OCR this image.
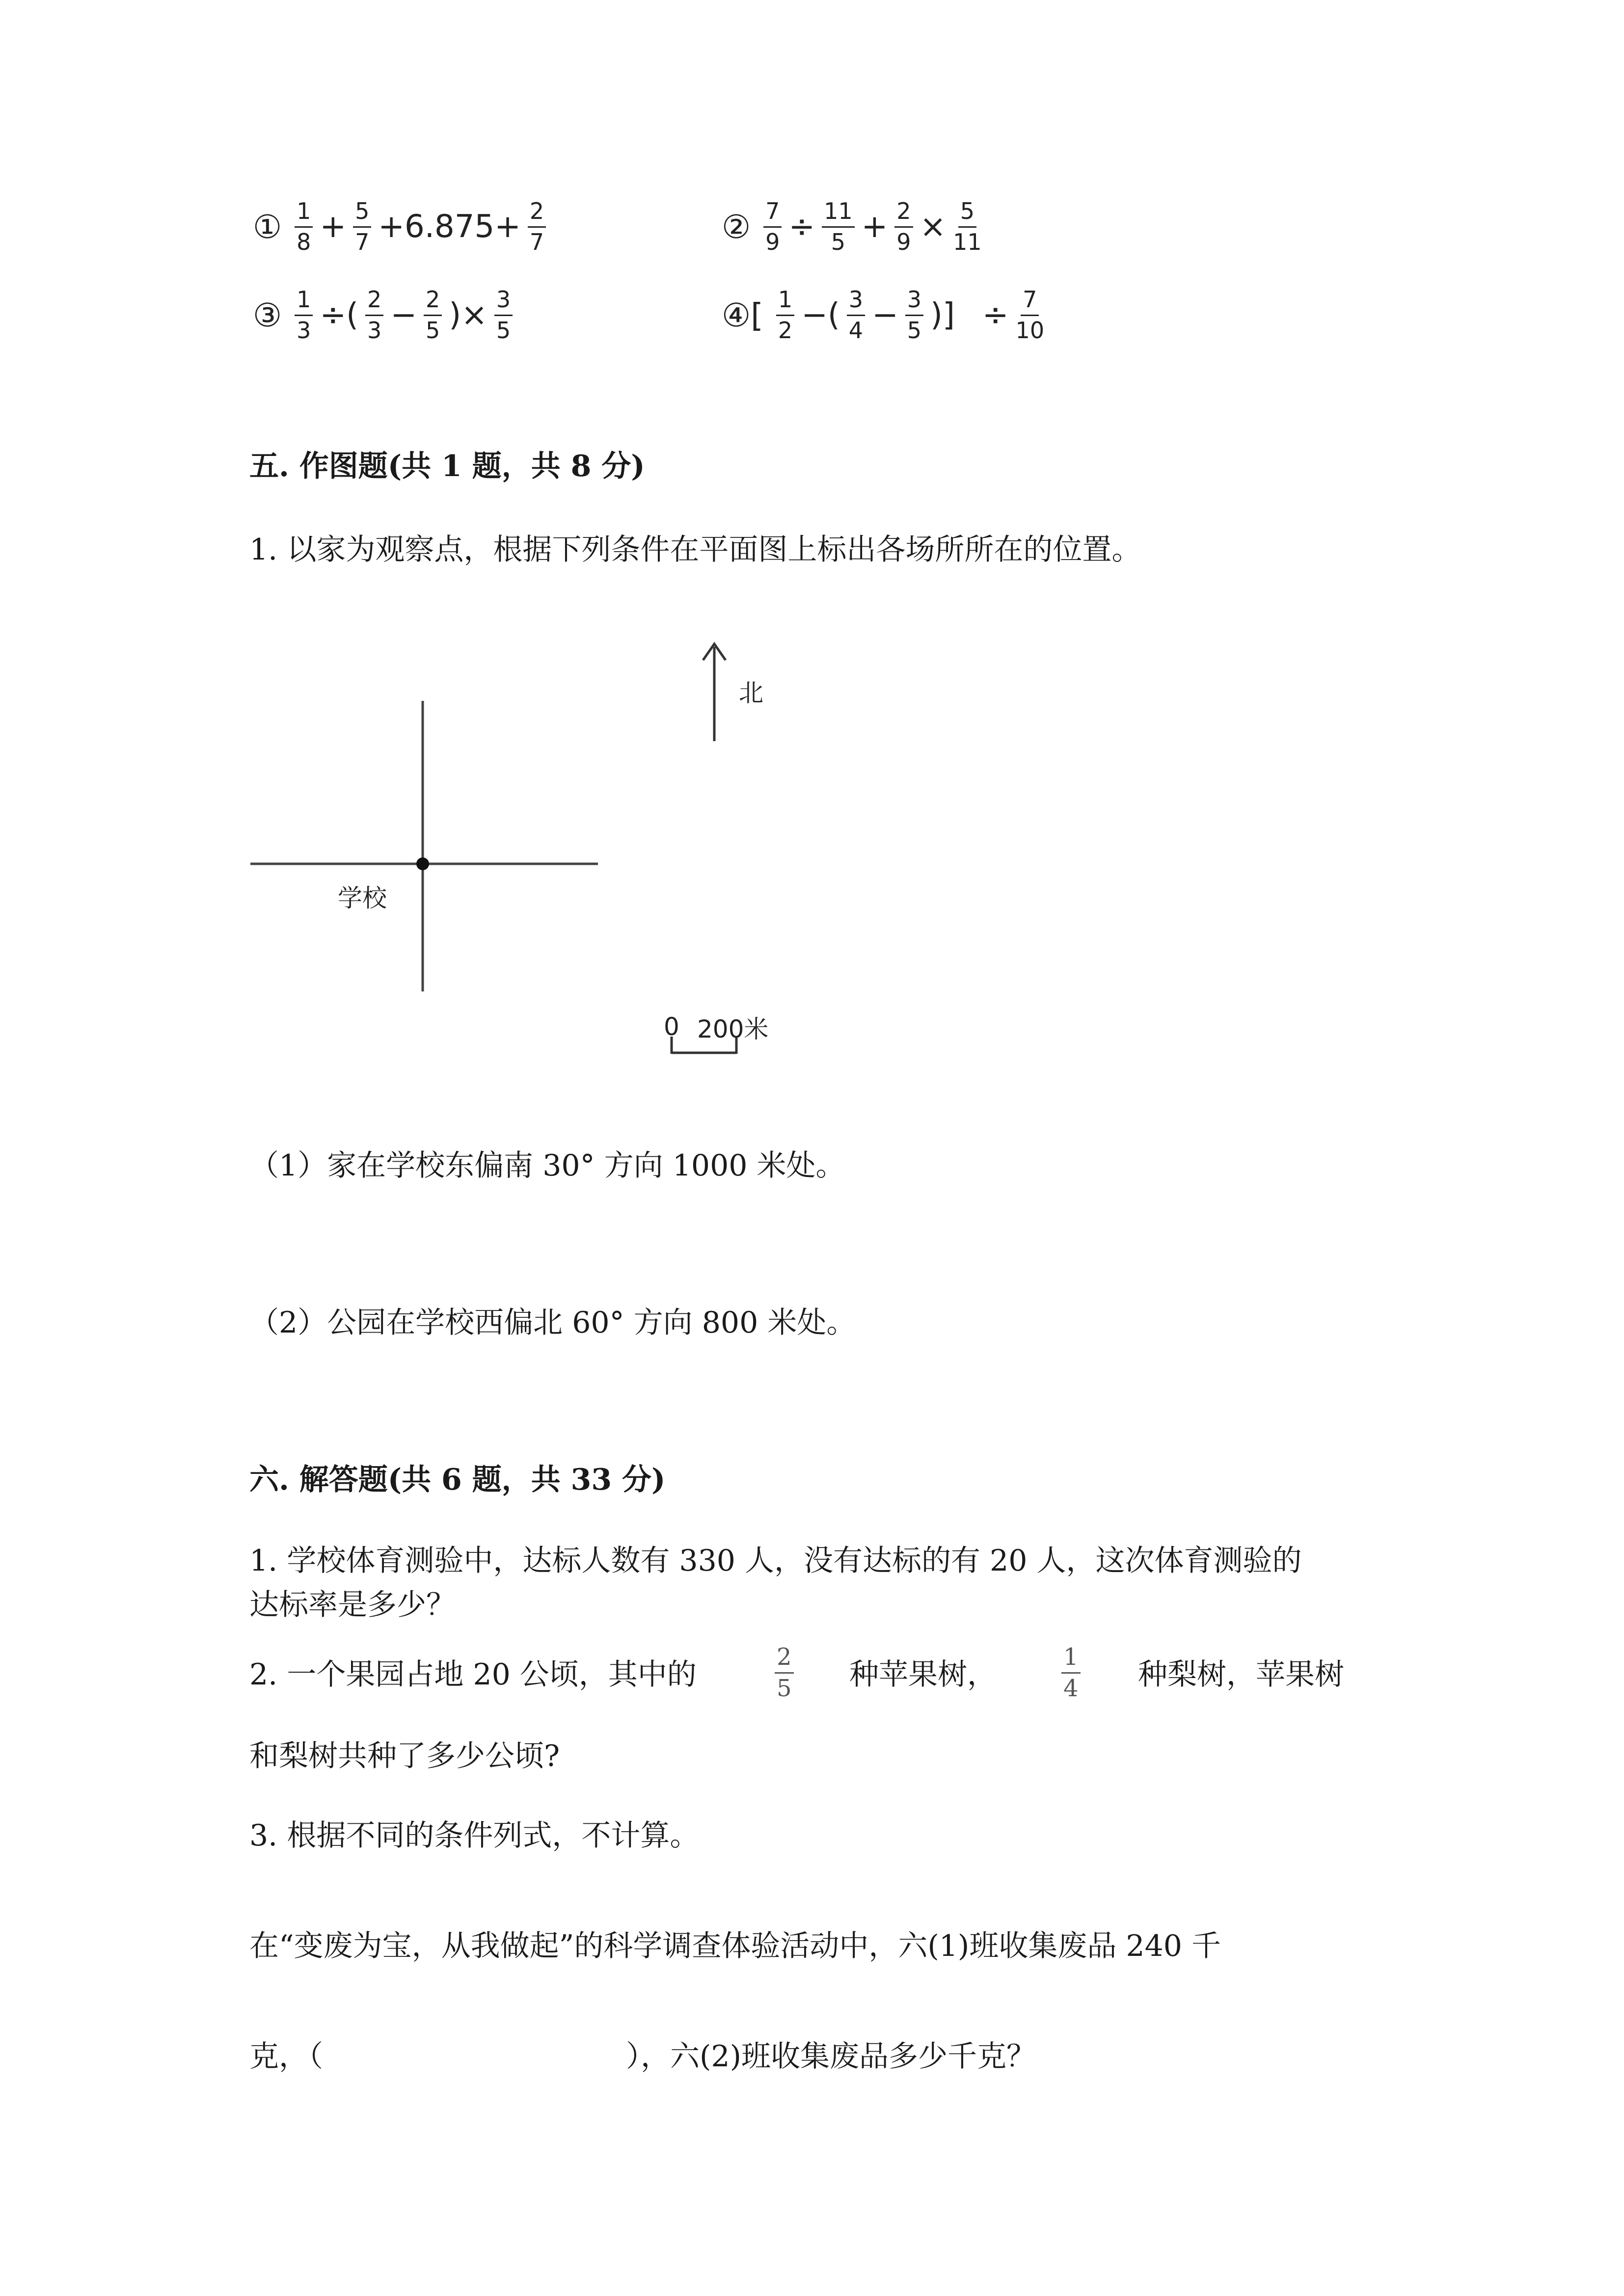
① $\frac{1}{8} + \frac{5}{7} +6.875+ \frac{2}{7}$	② $\frac{7}{9} \div \frac{11}{5} + \frac{2}{9} \times \frac{5}{11}$
③ $\frac{1}{3}$ ÷( $\frac{2}{3} - \frac{2}{5}$ )× $\frac{3}{5}$	④[ $\frac{1}{2}$ −( $\frac{3}{4} - \frac{3}{5}$ )] ÷ $\frac{7}{10}$
五. 作图题(共 1 题，共 8 分)
1. 以家为观察点，根据下列条件在平面图上标出各场所所在的位置。
北
学校
0 200米
（1）家在学校东偏南 30° 方向 1000 米处。
（2）公园在学校西偏北 60° 方向 800 米处。
六. 解答题(共 6 题，共 33 分)
1. 学校体育测验中，达标人数有 330 人，没有达标的有 20 人，这次体育测验的
达标率是多少？
2. 一个果园占地 20 公顷，其中的
2
5 种苹果树，
1
4 种梨树，苹果树
和梨树共种了多少公顷?
3. 根据不同的条件列式，不计算。
在“变废为宝，从我做起”的科学调查体验活动中，六(1)班收集废品 240 千
克，（	），六(2)班收集废品多少千克？
